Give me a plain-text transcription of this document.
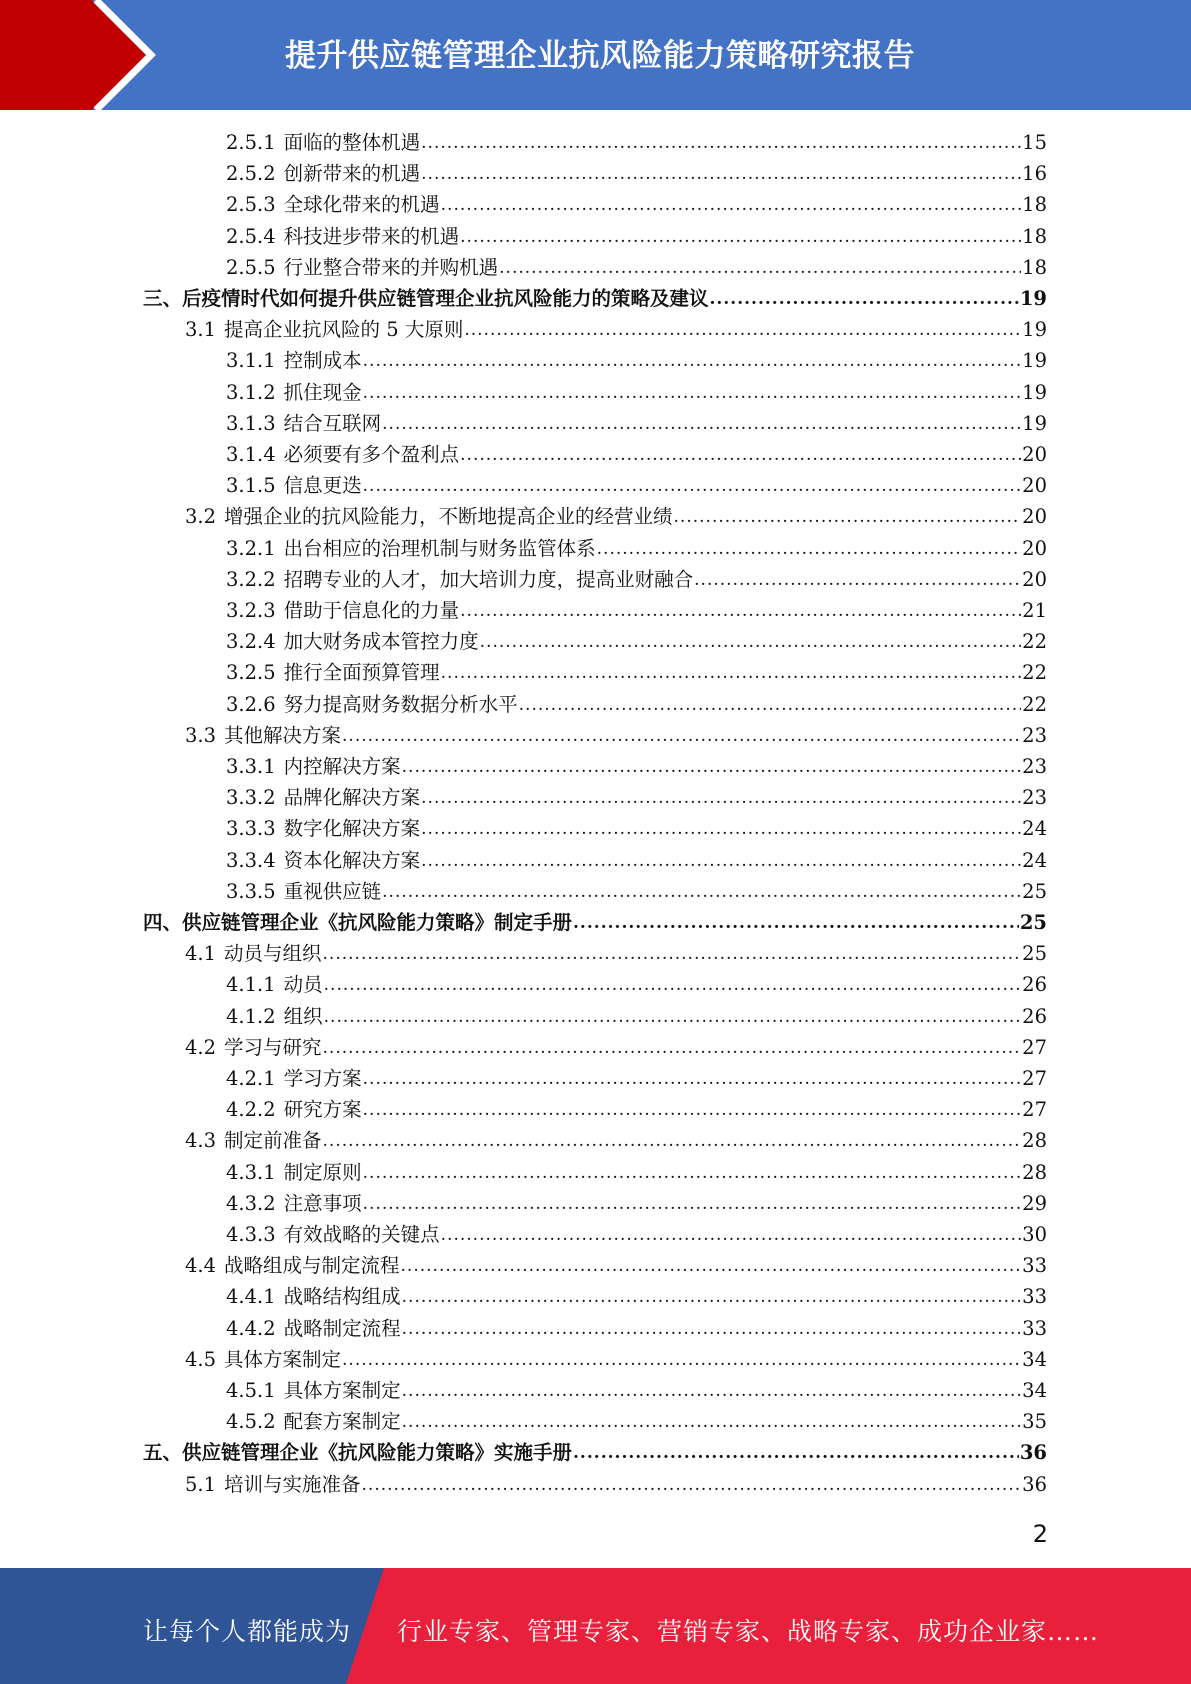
提升供应链管理企业抗风险能力策略研究报告
2.5.1 面临的整体机遇 .....	15
2.5.2 创新带来的机遇 .....	16
2.5.3 全球化带来的机遇 .....	18
2.5.4 科技进步带来的机遇 .....	18
2.5.5 行业整合带来的并购机遇 .....	18
三、后疫情时代如何提升供应链管理企业抗风险能力的策略及建议 .....	19
3.1 提高企业抗风险的 5 大原则 .....	19
3.1.1 控制成本 .....	19
3.1.2 抓住现金 .....	19
3.1.3 结合互联网 .....	19
3.1.4 必须要有多个盈利点 .....	20
3.1.5 信息更迭 .....	20
3.2 增强企业的抗风险能力，不断地提高企业的经营业绩 .....	20
3.2.1 出台相应的治理机制与财务监管体系 .....	20
3.2.2 招聘专业的人才，加大培训力度，提高业财融合 .....	20
3.2.3 借助于信息化的力量 .....	21
3.2.4 加大财务成本管控力度 .....	22
3.2.5 推行全面预算管理 .....	22
3.2.6 努力提高财务数据分析水平 .....	22
3.3 其他解决方案 .....	23
3.3.1 内控解决方案 .....	23
3.3.2 品牌化解决方案 .....	23
3.3.3 数字化解决方案 .....	24
3.3.4 资本化解决方案 .....	24
3.3.5 重视供应链 .....	25
四、供应链管理企业《抗风险能力策略》制定手册 .....	25
4.1 动员与组织 .....	25
4.1.1 动员 .....	26
4.1.2 组织 .....	26
4.2 学习与研究 .....	27
4.2.1 学习方案 .....	27
4.2.2 研究方案 .....	27
4.3 制定前准备 .....	28
4.3.1 制定原则 .....	28
4.3.2 注意事项 .....	29
4.3.3 有效战略的关键点 .....	30
4.4 战略组成与制定流程 .....	33
4.4.1 战略结构组成 .....	33
4.4.2 战略制定流程 .....	33
4.5 具体方案制定 .....	34
4.5.1 具体方案制定 .....	34
4.5.2 配套方案制定 .....	35
五、供应链管理企业《抗风险能力策略》实施手册 .....	36
5.1 培训与实施准备 .....	36
2
让每个人都能成为 行业专家、管理专家、营销专家、战略专家、成功企业家……
